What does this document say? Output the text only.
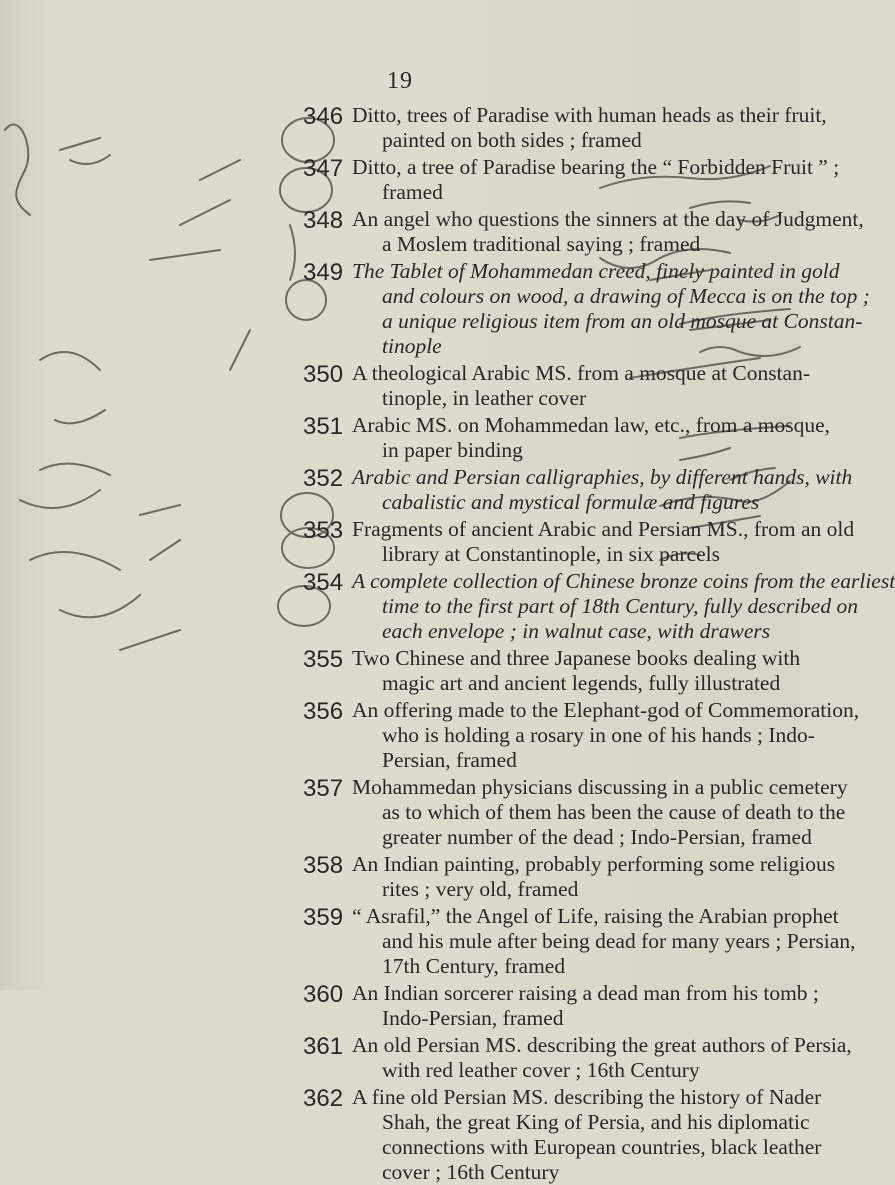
19
346 Ditto, trees of Paradise with human heads as their fruit,
painted on both sides ; framed
347 Ditto, a tree of Paradise bearing the “ Forbidden Fruit ” ;
framed
348 An angel who questions the sinners at the day of Judgment,
a Moslem traditional saying ; framed
349 The Tablet of Mohammedan creed, finely painted in gold
and colours on wood, a drawing of Mecca is on the top ;
a unique religious item from an old mosque at Constan-
tinople
350 A theological Arabic MS. from a mosque at Constan-
tinople, in leather cover
351 Arabic MS. on Mohammedan law, etc., from a mosque,
in paper binding
352 Arabic and Persian calligraphies, by different hands, with
cabalistic and mystical formulæ and figures
353 Fragments of ancient Arabic and Persian MS., from an old
library at Constantinople, in six parcels
354 A complete collection of Chinese bronze coins from the earliest
time to the first part of 18th Century, fully described on
each envelope ; in walnut case, with drawers
355 Two Chinese and three Japanese books dealing with
magic art and ancient legends, fully illustrated
356 An offering made to the Elephant-god of Commemoration,
who is holding a rosary in one of his hands ; Indo-
Persian, framed
357 Mohammedan physicians discussing in a public cemetery
as to which of them has been the cause of death to the
greater number of the dead ; Indo-Persian, framed
358 An Indian painting, probably performing some religious
rites ; very old, framed
359 “ Asrafil,” the Angel of Life, raising the Arabian prophet
and his mule after being dead for many years ; Persian,
17th Century, framed
360 An Indian sorcerer raising a dead man from his tomb ;
Indo-Persian, framed
361 An old Persian MS. describing the great authors of Persia,
with red leather cover ; 16th Century
362 A fine old Persian MS. describing the history of Nader
Shah, the great King of Persia, and his diplomatic
connections with European countries, black leather
cover ; 16th Century
